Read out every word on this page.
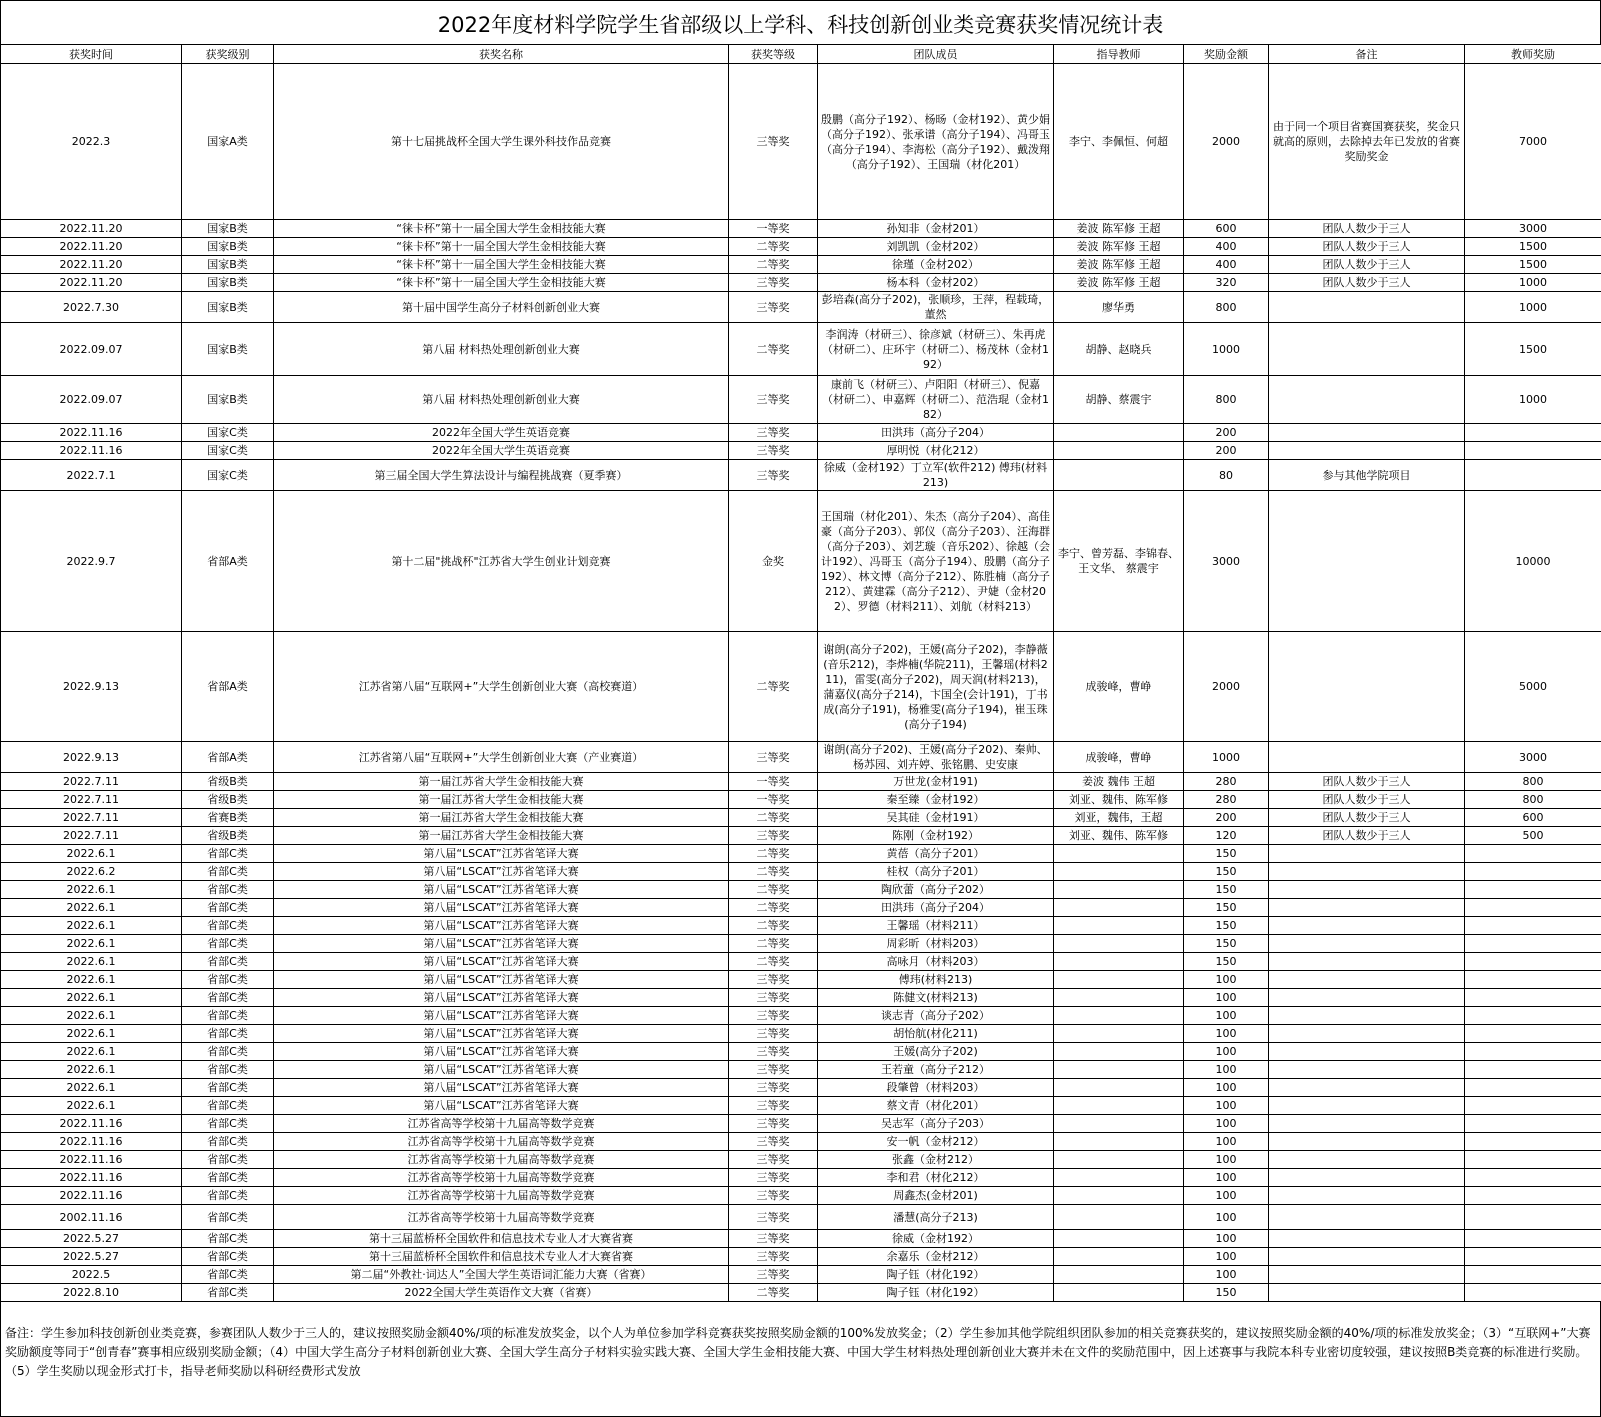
2022年度材料学院学生省部级以上学科、科技创新创业类竞赛获奖情况统计表
获奖时间	获奖级别	获奖名称	获奖等级	团队成员	指导教师	奖励金额	备注	教师奖励
2022.3	国家A类	第十七届挑战杯全国大学生课外科技作品竞赛	三等奖	殷鹏（高分子192）、杨旸（金材192）、黄少娟（高分子192）、张承谱（高分子194）、冯哥玉（高分子194）、李海松（高分子192）、戴泼翔（高分子192）、王国瑞（材化201）	李宁、李佩恒、何超	2000	由于同一个项目省赛国赛获奖，奖金只就高的原则，去除掉去年已发放的省赛奖励奖金	7000
2022.11.20	国家B类	“徕卡杯”第十一届全国大学生金相技能大赛	一等奖	孙知非（金材201）	姜波 陈军修 王超	600	团队人数少于三人	3000
2022.11.20	国家B类	“徕卡杯”第十一届全国大学生金相技能大赛	二等奖	刘凯凯（金材202）	姜波 陈军修 王超	400	团队人数少于三人	1500
2022.11.20	国家B类	“徕卡杯”第十一届全国大学生金相技能大赛	二等奖	徐瑾（金材202）	姜波 陈军修 王超	400	团队人数少于三人	1500
2022.11.20	国家B类	“徕卡杯”第十一届全国大学生金相技能大赛	三等奖	杨本科（金材202）	姜波 陈军修 王超	320	团队人数少于三人	1000
2022.7.30	国家B类	第十届中国学生高分子材料创新创业大赛	三等奖	彭培森(高分子202)，张顺珍，王萍，程载琦，董然	廖华勇	800		1000
2022.09.07	国家B类	第八届 材料热处理创新创业大赛	二等奖	李润涛（材研三）、徐彦斌（材研三）、朱再虎（材研二）、庄环宇（材研二）、杨茂林（金材192）	胡静、赵晓兵	1000		1500
2022.09.07	国家B类	第八届 材料热处理创新创业大赛	三等奖	康前飞（材研三）、卢阳阳（材研三）、倪嘉（材研二）、申嘉辉（材研二）、范浩琨（金材182）	胡静、蔡震宇	800		1000
2022.11.16	国家C类	2022年全国大学生英语竞赛	三等奖	田洪玮（高分子204）		200		
2022.11.16	国家C类	2022年全国大学生英语竞赛	三等奖	厚明悦（材化212）		200		
2022.7.1	国家C类	第三届全国大学生算法设计与编程挑战赛（夏季赛）	三等奖	徐威（金材192）丁立军(软件212) 傅玮(材料213)		80	参与其他学院项目	
2022.9.7	省部A类	第十二届"挑战杯"江苏省大学生创业计划竞赛	金奖	王国瑞（材化201）、朱杰（高分子204）、高佳豪（高分子203）、郭仪（高分子203）、汪海群（高分子203）、刘艺璇（音乐202）、徐越（会计192）、冯哥玉（高分子194）、殷鹏（高分子192）、林文博（高分子212）、陈胜楠（高分子212）、黄建霖（高分子212）、尹婕（金材202）、罗德（材料211）、刘航（材料213）	李宁、曾芳磊、李锦春、王文华、 蔡震宇	3000		10000
2022.9.13	省部A类	江苏省第八届“互联网+”大学生创新创业大赛（高校赛道）	二等奖	谢朗(高分子202)，王媛(高分子202)，李静薇(音乐212)，李烨楠(华院211)，王馨瑶(材料211)，雷雯(高分子202)，周天润(材料213)，蒲嘉仪(高分子214)，卞国全(会计191)，丁书成(高分子191)，杨雅雯(高分子194)，崔玉珠(高分子194)	成骏峰，曹峥	2000		5000
2022.9.13	省部A类	江苏省第八届“互联网+”大学生创新创业大赛（产业赛道）	三等奖	谢朗(高分子202)、王媛(高分子202)、秦帅、杨苏园、刘卉婷、张铭鹏、史安康	成骏峰，曹峥	1000		3000
2022.7.11	省级B类	第一届江苏省大学生金相技能大赛	一等奖	万世龙(金材191)	姜波 魏伟 王超	280	团队人数少于三人	800
2022.7.11	省级B类	第一届江苏省大学生金相技能大赛	一等奖	秦至臻（金材192）	刘亚、魏伟、陈军修	280	团队人数少于三人	800
2022.7.11	省赛B类	第一届江苏省大学生金相技能大赛	二等奖	吴其硅（金材191）	刘亚，魏伟，王超	200	团队人数少于三人	600
2022.7.11	省级B类	第一届江苏省大学生金相技能大赛	三等奖	陈刚（金材192）	刘亚、魏伟、陈军修	120	团队人数少于三人	500
2022.6.1	省部C类	第八届“LSCAT”江苏省笔译大赛	二等奖	黄蓓（高分子201）		150		
2022.6.2	省部C类	第八届“LSCAT”江苏省笔译大赛	二等奖	桂权（高分子201）		150		
2022.6.1	省部C类	第八届“LSCAT”江苏省笔译大赛	二等奖	陶欣蕾（高分子202）		150		
2022.6.1	省部C类	第八届“LSCAT”江苏省笔译大赛	二等奖	田洪玮（高分子204）		150		
2022.6.1	省部C类	第八届“LSCAT”江苏省笔译大赛	二等奖	王馨瑶（材料211）		150		
2022.6.1	省部C类	第八届“LSCAT”江苏省笔译大赛	二等奖	周彩昕（材料203）		150		
2022.6.1	省部C类	第八届“LSCAT”江苏省笔译大赛	二等奖	高咏月（材料203）		150		
2022.6.1	省部C类	第八届“LSCAT”江苏省笔译大赛	三等奖	傅玮(材料213)		100		
2022.6.1	省部C类	第八届“LSCAT”江苏省笔译大赛	三等奖	陈健文(材料213)		100		
2022.6.1	省部C类	第八届“LSCAT”江苏省笔译大赛	三等奖	谈志青（高分子202）		100		
2022.6.1	省部C类	第八届“LSCAT”江苏省笔译大赛	三等奖	胡怡航(材化211)		100		
2022.6.1	省部C类	第八届“LSCAT”江苏省笔译大赛	三等奖	王媛(高分子202)		100		
2022.6.1	省部C类	第八届“LSCAT”江苏省笔译大赛	三等奖	王若童（高分子212）		100		
2022.6.1	省部C类	第八届“LSCAT”江苏省笔译大赛	三等奖	段肇曾（材料203）		100		
2022.6.1	省部C类	第八届“LSCAT”江苏省笔译大赛	三等奖	蔡文青（材化201）		100		
2022.11.16	省部C类	江苏省高等学校第十九届高等数学竞赛	三等奖	吴志军（高分子203）		100		
2022.11.16	省部C类	江苏省高等学校第十九届高等数学竞赛	三等奖	安一帆（金材212）		100		
2022.11.16	省部C类	江苏省高等学校第十九届高等数学竞赛	三等奖	张鑫（金材212）		100		
2022.11.16	省部C类	江苏省高等学校第十九届高等数学竞赛	三等奖	李和君（材化212）		100		
2022.11.16	省部C类	江苏省高等学校第十九届高等数学竞赛	三等奖	周鑫杰(金材201)		100		
2002.11.16	省部C类	江苏省高等学校第十九届高等数学竞赛	三等奖	潘慧(高分子213)		100		
2022.5.27	省部C类	第十三届蓝桥杯全国软件和信息技术专业人才大赛省赛	三等奖	徐威（金材192）		100		
2022.5.27	省部C类	第十三届蓝桥杯全国软件和信息技术专业人才大赛省赛	三等奖	余嘉乐（金材212）		100		
2022.5	省部C类	第二届“外教社·词达人”全国大学生英语词汇能力大赛（省赛）	三等奖	陶子钰（材化192）		100		
2022.8.10	省部C类	2022全国大学生英语作文大赛（省赛）	二等奖	陶子钰（材化192）		150		
备注：学生参加科技创新创业类竞赛，参赛团队人数少于三人的，建议按照奖励金额40%/项的标准发放奖金，以个人为单位参加学科竞赛获奖按照奖励金额的100%发放奖金；（2）学生参加其他学院组织团队参加的相关竞赛获奖的，建议按照奖励金额的40%/项的标准发放奖金；（3）“互联网+”大赛奖励额度等同于“创青春”赛事相应级别奖励金额；（4）中国大学生高分子材料创新创业大赛、全国大学生高分子材料实验实践大赛、全国大学生金相技能大赛、中国大学生材料热处理创新创业大赛并未在文件的奖励范围中，因上述赛事与我院本科专业密切度较强，建议按照B类竞赛的标准进行奖励。（5）学生奖励以现金形式打卡，指导老师奖励以科研经费形式发放
